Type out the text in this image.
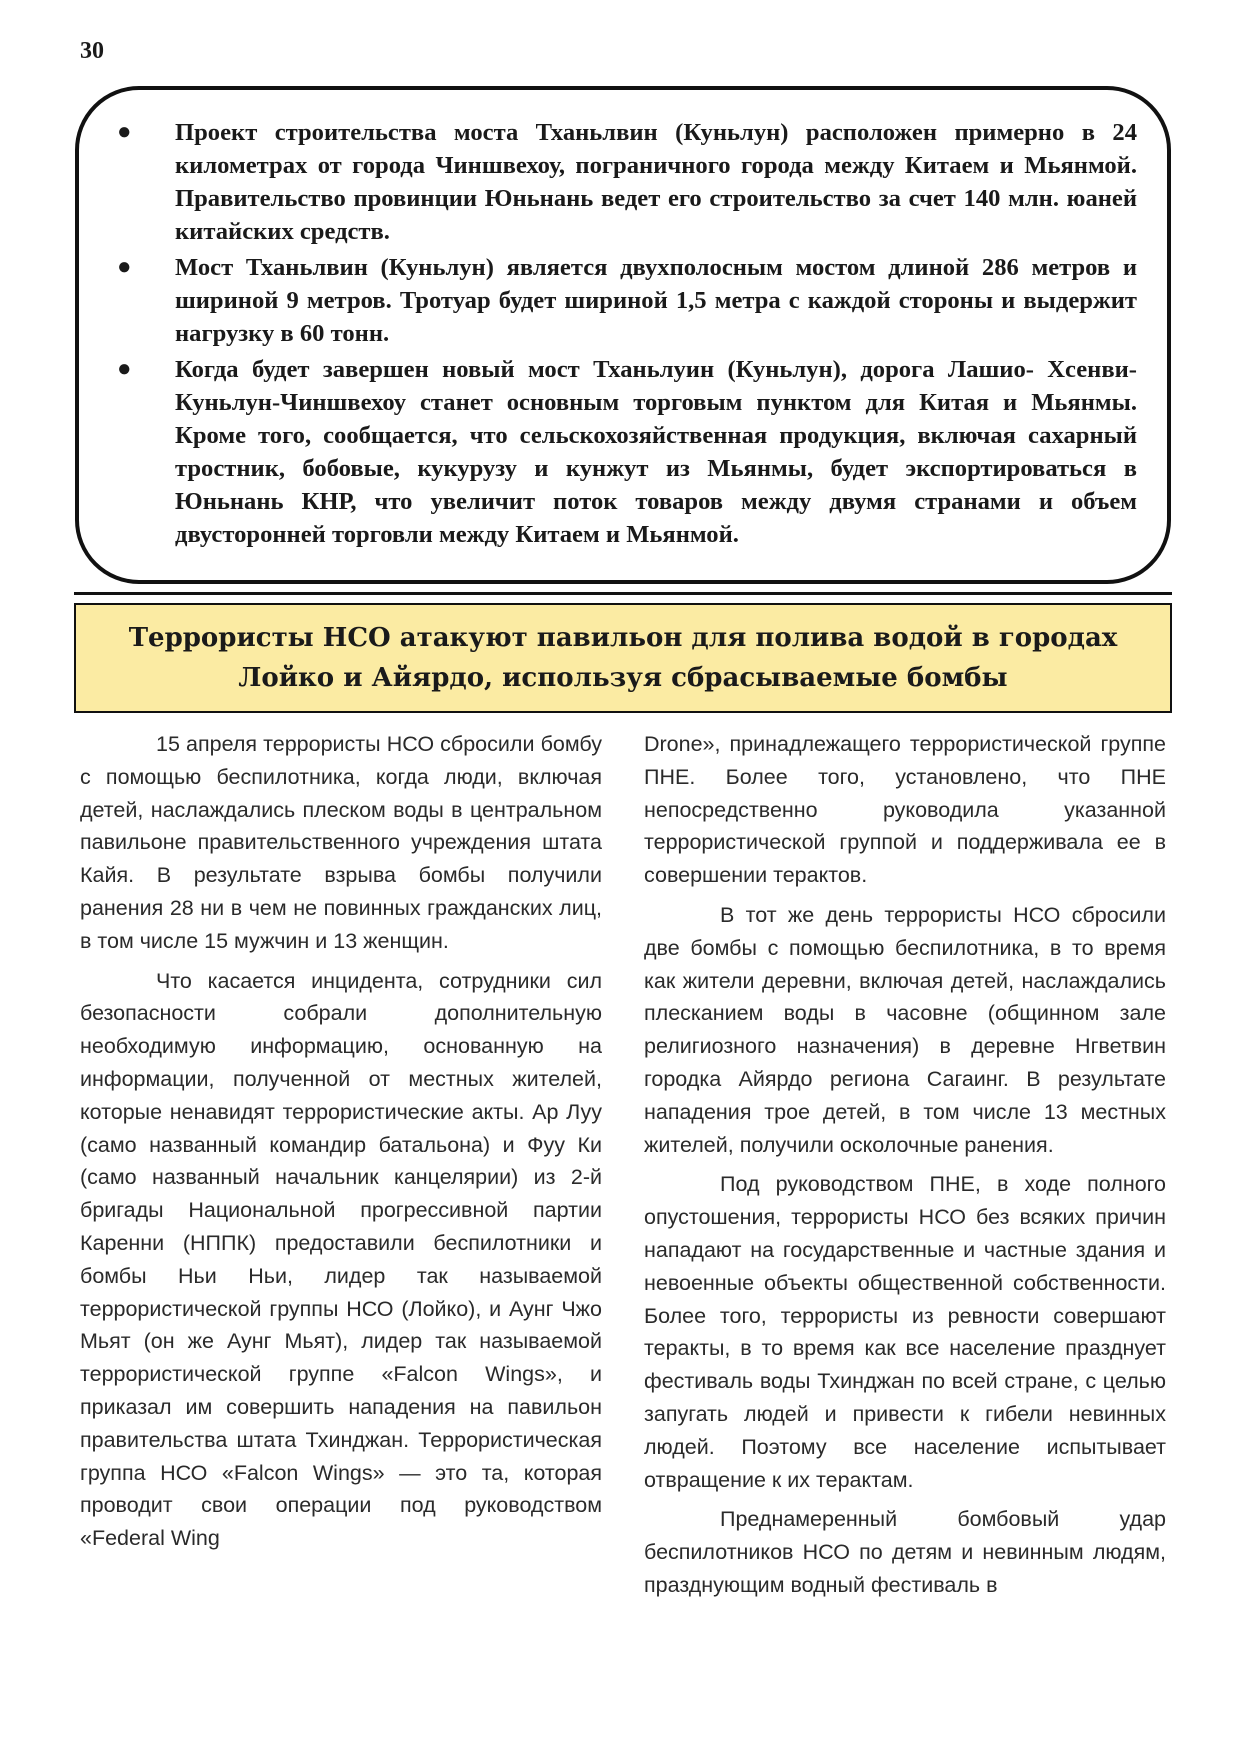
30
● Проект строительства моста Тханьлвин (Куньлун) расположен примерно в 24 километрах от города Чиншвехоу, пограничного города между Китаем и Мьянмой. Правительство провинции Юньнань ведет его строительство за счет 140 млн. юаней китайских средств.
● Мост Тханьлвин (Куньлун) является двухполосным мостом длиной 286 метров и шириной 9 метров. Тротуар будет шириной 1,5 метра с каждой стороны и выдержит нагрузку в 60 тонн.
● Когда будет завершен новый мост Тханьлуин (Куньлун), дорога Лашио- Хсенви-Куньлун-Чиншвехоу станет основным торговым пунктом для Китая и Мьянмы. Кроме того, сообщается, что сельскохозяйственная продукция, включая сахарный тростник, бобовые, кукурузу и кунжут из Мьянмы, будет экспортироваться в Юньнань КНР, что увеличит поток товаров между двумя странами и объем двусторонней торговли между Китаем и Мьянмой.
Террористы НСО атакуют павильон для полива водой в городах Лойко и Айярдо, используя сбрасываемые бомбы

15 апреля террористы НСО сбросили бомбу с помощью беспилотника, когда люди, включая детей, наслаждались плеском воды в центральном павильоне правительственного учреждения штата Кайя. В результате взрыва бомбы получили ранения 28 ни в чем не повинных гражданских лиц, в том числе 15 мужчин и 13 женщин.

Что касается инцидента, сотрудники сил безопасности собрали дополнительную необходимую информацию, основанную на информации, полученной от местных жителей, которые ненавидят террористические акты. Ар Луу (само названный командир батальона) и Фуу Ки (само названный начальник канцелярии) из 2-й бригады Национальной прогрессивной партии Каренни (НППК) предоставили беспилотники и бомбы Ньи Ньи, лидер так называемой террористической группы НСО (Лойко), и Аунг Чжо Мьят (он же Аунг Мьят), лидер так называемой террористической группе «Falcon Wings», и приказал им совершить нападения на павильон правительства штата Тхинджан. Террористическая группа НСО «Falcon Wings» — это та, которая проводит свои операции под руководством «Federal Wing

Drone», принадлежащего террористической группе ПНЕ. Более того, установлено, что ПНЕ непосредственно руководила указанной террористической группой и поддерживала ее в совершении терактов.

В тот же день террористы НСО сбросили две бомбы с помощью беспилотника, в то время как жители деревни, включая детей, наслаждались плесканием воды в часовне (общинном зале религиозного назначения) в деревне Нгветвин городка Айярдо региона Сагаинг. В результате нападения трое детей, в том числе 13 местных жителей, получили осколочные ранения.

Под руководством ПНЕ, в ходе полного опустошения, террористы НСО без всяких причин нападают на государственные и частные здания и невоенные объекты общественной собственности. Более того, террористы из ревности совершают теракты, в то время как все население празднует фестиваль воды Тхинджан по всей стране, с целью запугать людей и привести к гибели невинных людей. Поэтому все население испытывает отвращение к их терактам.

Преднамеренный бомбовый удар беспилотников НСО по детям и невинным людям, празднующим водный фестиваль в
